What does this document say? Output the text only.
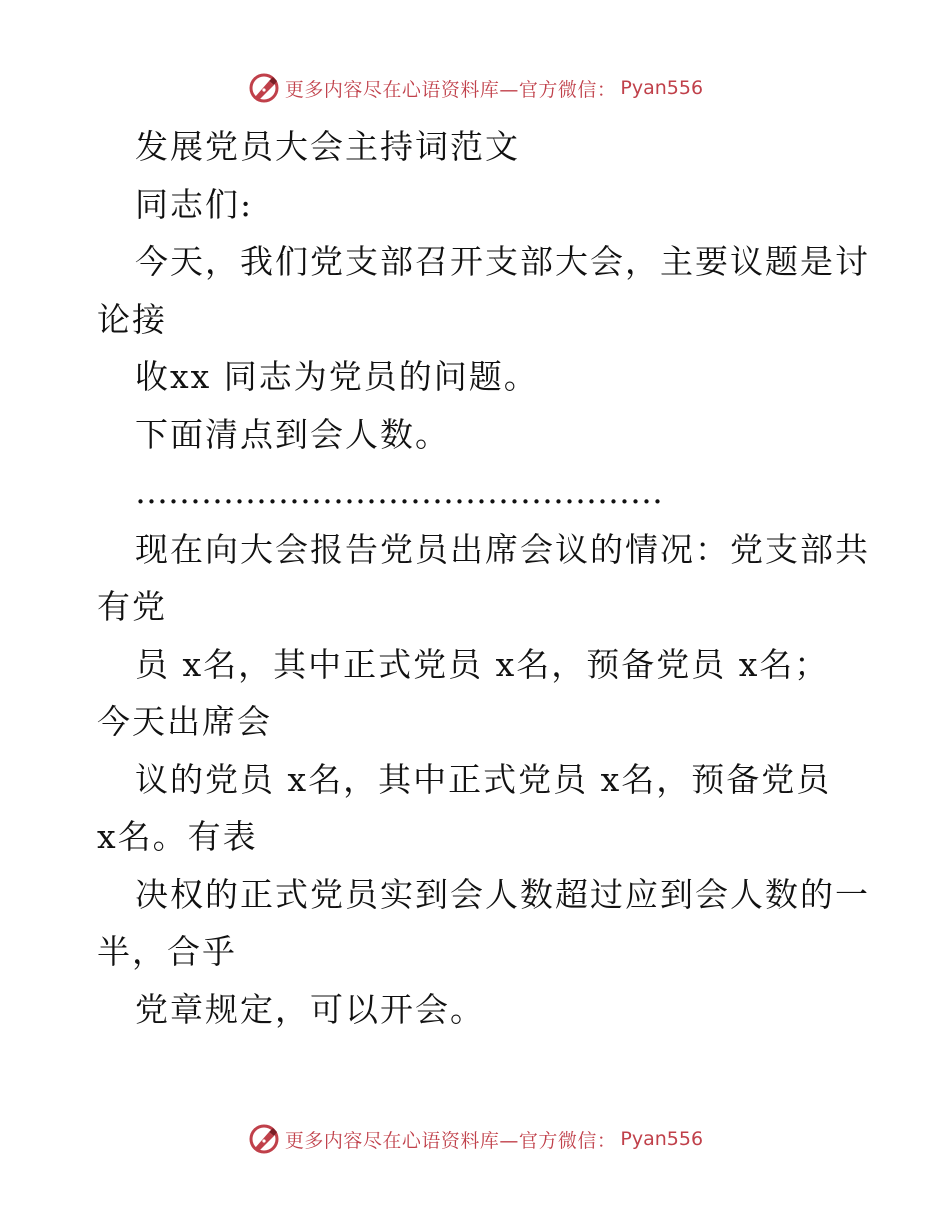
更多内容尽在心语资料库—官方微信： Pyan556
发展党员大会主持词范文
同志们:
今天，我们党支部召开支部大会，主要议题是讨
论接
收xx 同志为党员的问题。
下面清点到会人数。
…………………………………………
现在向大会报告党员出席会议的情况：党支部共
有党
员 x名，其中正式党员 x名，预备党员 x名；
今天出席会
议的党员 x名，其中正式党员 x名，预备党员
x名。有表
决权的正式党员实到会人数超过应到会人数的一
半，合乎
党章规定，可以开会。
更多内容尽在心语资料库—官方微信： Pyan556
